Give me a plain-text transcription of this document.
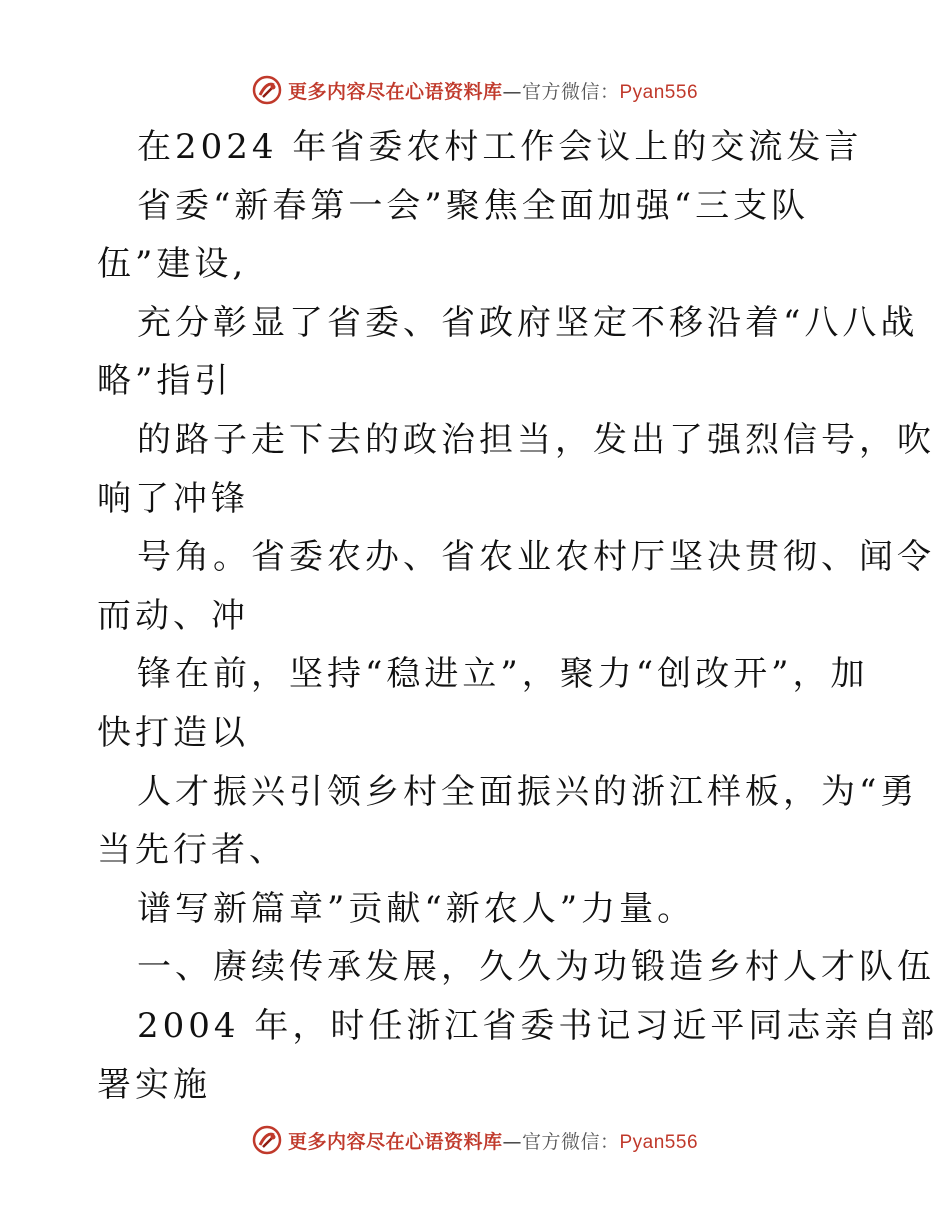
更多内容尽在心语资料库—官方微信：Pyan556
在2024 年省委农村工作会议上的交流发言
省委“新春第一会”聚焦全面加强“三支队
伍”建设,
充分彰显了省委、省政府坚定不移沿着“八八战
略”指引
的路子走下去的政治担当，发出了强烈信号，吹
响了冲锋
号角。省委农办、省农业农村厅坚决贯彻、闻令
而动、冲
锋在前，坚持“稳进立”，聚力“创改开”，加
快打造以
人才振兴引领乡村全面振兴的浙江样板，为“勇
当先行者、
谱写新篇章”贡献“新农人”力量。
一、赓续传承发展，久久为功锻造乡村人才队伍
2004 年，时任浙江省委书记习近平同志亲自部
署实施
更多内容尽在心语资料库—官方微信：Pyan556
